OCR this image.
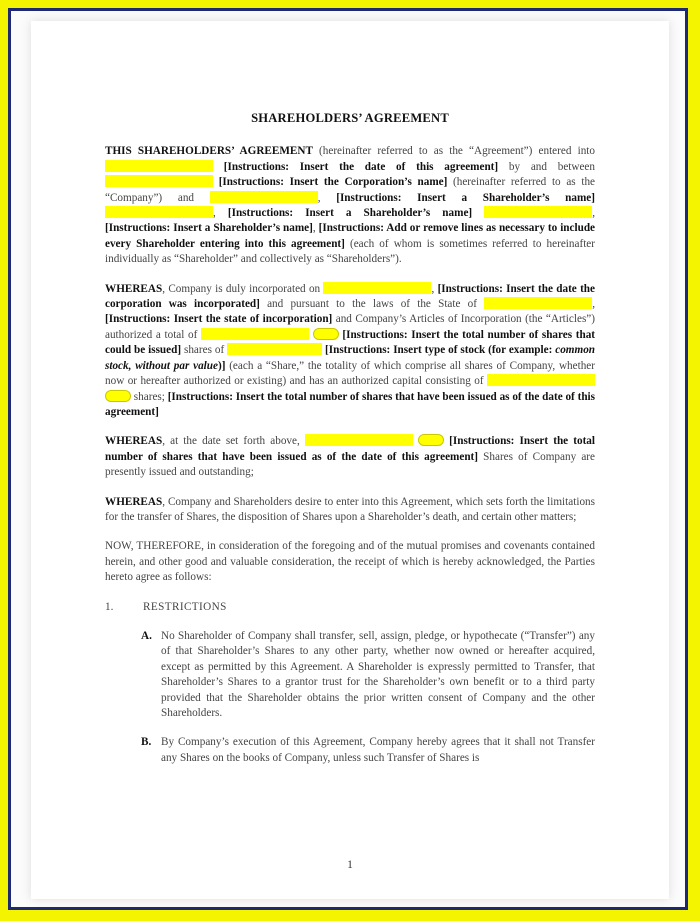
SHAREHOLDERS’ AGREEMENT

THIS SHAREHOLDERS’ AGREEMENT (hereinafter referred to as the “Agreement”) entered into  [Instructions: Insert the date of this agreement] by and between  [Instructions: Insert the Corporation’s name] (hereinafter referred to as the “Company”) and	, [Instructions: Insert a Shareholder’s name] , [Instructions: Insert a Shareholder’s name]	, [Instructions: Insert a Shareholder’s name], [Instructions: Add or remove lines as necessary to include every Shareholder entering into this agreement] (each of whom is sometimes referred to hereinafter individually as “Shareholder” and collectively as “Shareholders”).

WHEREAS, Company is duly incorporated on	, [Instructions: Insert the date the corporation was incorporated] and pursuant to the laws of the State of	, [Instructions: Insert the state of incorporation] and Company’s Articles of Incorporation (the “Articles”) authorized a total of	[Instructions: Insert the total number of shares that could be issued] shares of	[Instructions: Insert type of stock (for example: common stock, without par value)] (each a “Share,” the totality of which comprise all shares of Company, whether now or hereafter authorized or existing) and has an authorized capital consisting of   shares; [Instructions: Insert the total number of shares that have been issued as of the date of this agreement]

WHEREAS, at the date set forth above,	[Instructions: Insert the total number of shares that have been issued as of the date of this agreement] Shares of Company are presently issued and outstanding;

WHEREAS, Company and Shareholders desire to enter into this Agreement, which sets forth the limitations for the transfer of Shares, the disposition of Shares upon a Shareholder’s death, and certain other matters;

NOW, THEREFORE, in consideration of the foregoing and of the mutual promises and covenants contained herein, and other good and valuable consideration, the receipt of which is hereby acknowledged, the Parties hereto agree as follows:

1.	RESTRICTIONS
A. No Shareholder of Company shall transfer, sell, assign, pledge, or hypothecate (“Transfer”) any of that Shareholder’s Shares to any other party, whether now owned or hereafter acquired, except as permitted by this Agreement. A Shareholder is expressly permitted to Transfer, that Shareholder’s Shares to a grantor trust for the Shareholder’s own benefit or to a third party provided that the Shareholder obtains the prior written consent of Company and the other Shareholders.
B. By Company’s execution of this Agreement, Company hereby agrees that it shall not Transfer any Shares on the books of Company, unless such Transfer of Shares is
1
